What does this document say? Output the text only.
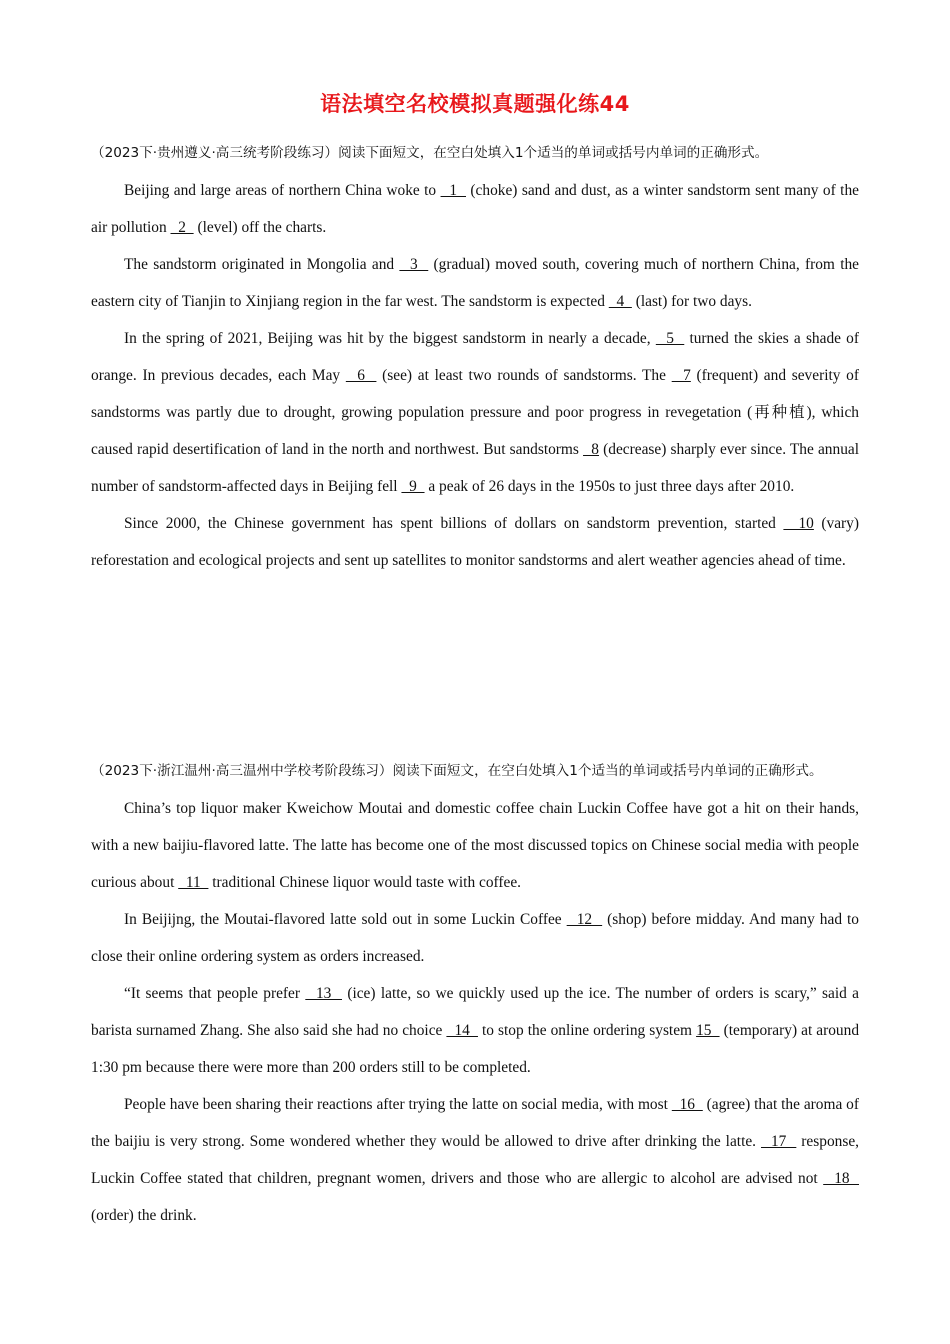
语法填空名校模拟真题强化练44

（2023下·贵州遵义·高三统考阶段练习）阅读下面短文，在空白处填入1个适当的单词或括号内单词的正确形式。

Beijing and large areas of northern China woke to   1   (choke) sand and dust, as a winter sandstorm sent many of the air pollution   2   (level) off the charts.

The sandstorm originated in Mongolia and   3   (gradual) moved south, covering much of northern China, from the eastern city of Tianjin to Xinjiang region in the far west. The sandstorm is expected   4   (last) for two days.

In the spring of 2021, Beijing was hit by the biggest sandstorm in nearly a decade,   5   turned the skies a shade of orange. In previous decades, each May   6   (see) at least two rounds of sandstorms. The   7 (frequent) and severity of sandstorms was partly due to drought, growing population pressure and poor progress in revegetation (再种植), which caused rapid desertification of land in the north and northwest. But sandstorms   8 (decrease) sharply ever since. The annual number of sandstorm-affected days in Beijing fell   9   a peak of 26 days in the 1950s to just three days after 2010.

Since 2000, the Chinese government has spent billions of dollars on sandstorm prevention, started   10 (vary) reforestation and ecological projects and sent up satellites to monitor sandstorms and alert weather agencies ahead of time.

（2023下·浙江温州·高三温州中学校考阶段练习）阅读下面短文，在空白处填入1个适当的单词或括号内单词的正确形式。

China’s top liquor maker Kweichow Moutai and domestic coffee chain Luckin Coffee have got a hit on their hands, with a new baijiu-flavored latte. The latte has become one of the most discussed topics on Chinese social media with people curious about   11   traditional Chinese liquor would taste with coffee.

In Beijijng, the Moutai-flavored latte sold out in some Luckin Coffee   12   (shop) before midday. And many had to close their online ordering system as orders increased.

“It seems that people prefer   13   (ice) latte, so we quickly used up the ice. The number of orders is scary,” said a barista surnamed Zhang. She also said she had no choice   14   to stop the online ordering system 15   (temporary) at around 1:30 pm because there were more than 200 orders still to be completed.

People have been sharing their reactions after trying the latte on social media, with most   16   (agree) that the aroma of the baijiu is very strong. Some wondered whether they would be allowed to drive after drinking the latte.   17   response, Luckin Coffee stated that children, pregnant women, drivers and those who are allergic to alcohol are advised not   18   (order) the drink.
